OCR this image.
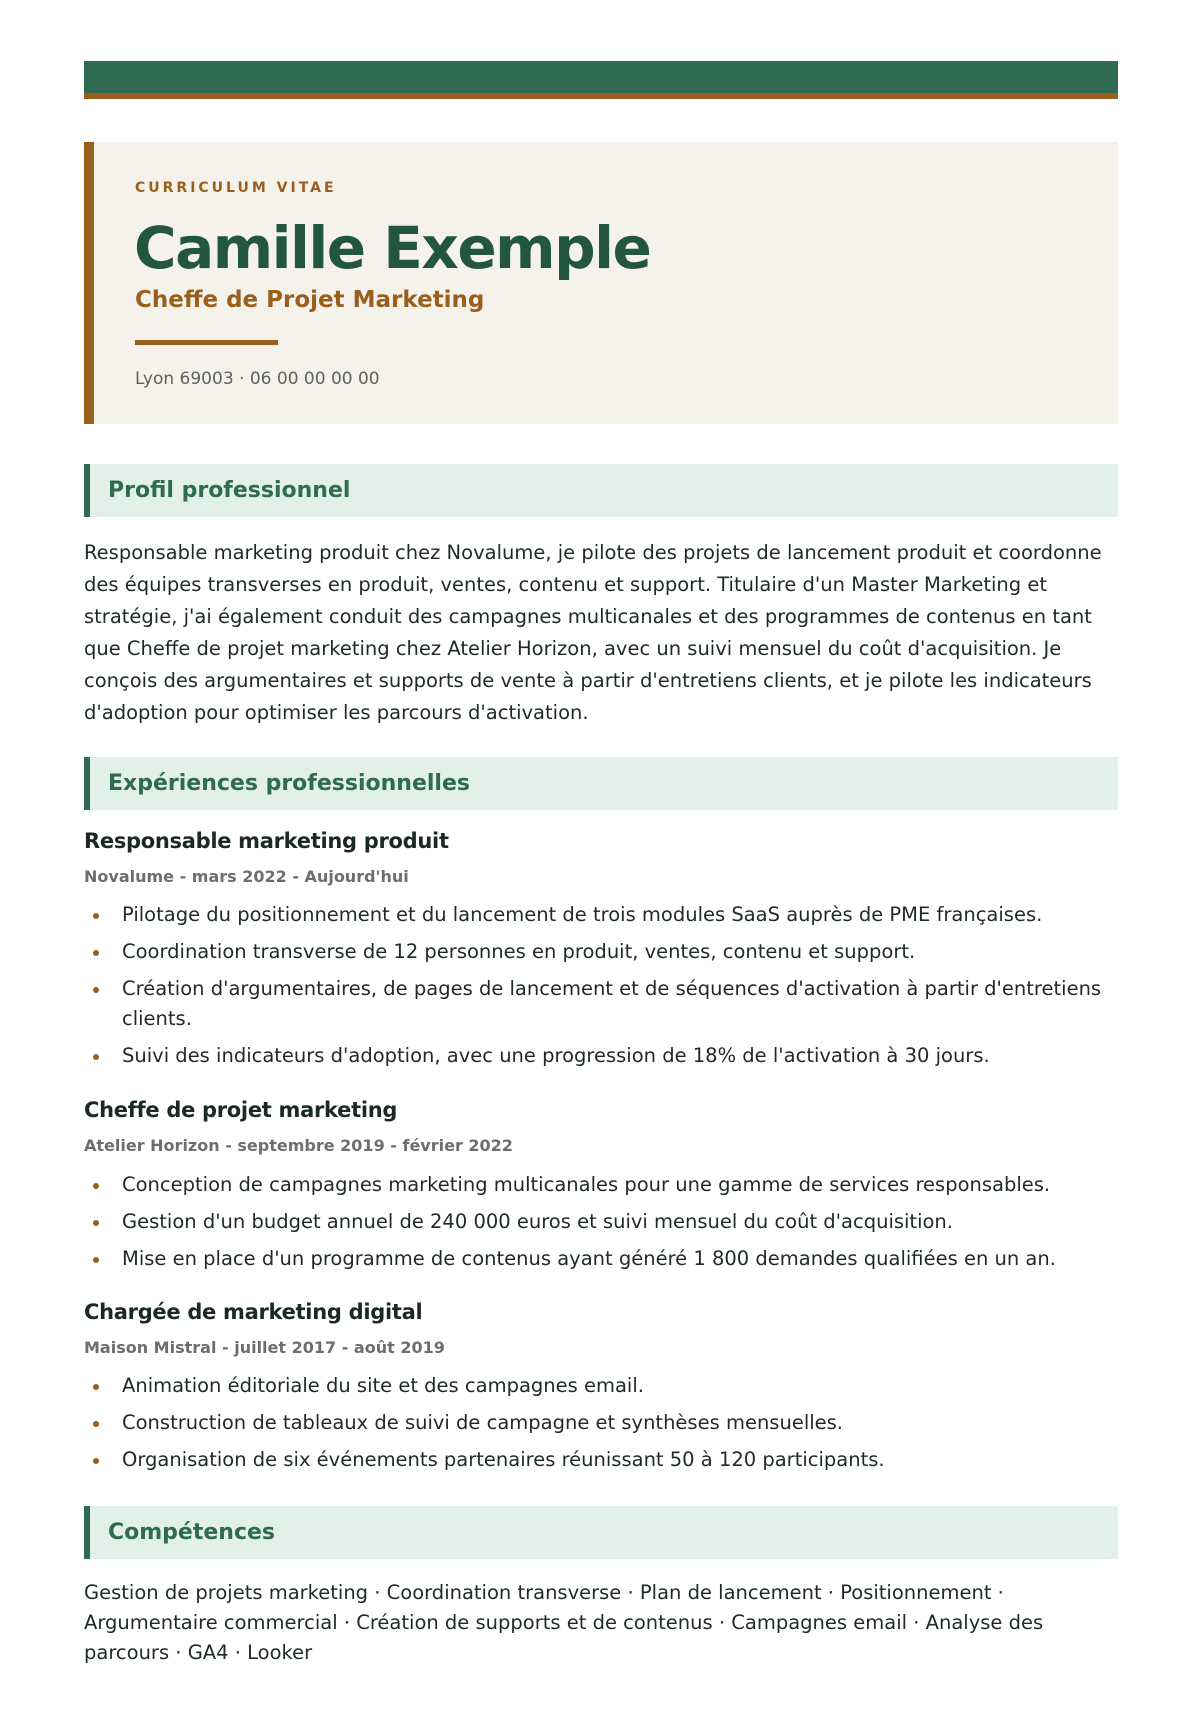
CURRICULUM VITAE
Camille Exemple
Cheffe de Projet Marketing
Lyon 69003 · 06 00 00 00 00
Profil professionnel

Responsable marketing produit chez Novalume, je pilote des projets de lancement produit et coordonne des équipes transverses en produit, ventes, contenu et support. Titulaire d'un Master Marketing et stratégie, j'ai également conduit des campagnes multicanales et des programmes de contenus en tant que Cheffe de projet marketing chez Atelier Horizon, avec un suivi mensuel du coût d'acquisition. Je conçois des argumentaires et supports de vente à partir d'entretiens clients, et je pilote les indicateurs d'adoption pour optimiser les parcours d'activation.

Expériences professionnelles
Responsable marketing produit
Novalume - mars 2022 - Aujourd'hui
Pilotage du positionnement et du lancement de trois modules SaaS auprès de PME françaises.
Coordination transverse de 12 personnes en produit, ventes, contenu et support.
Création d'argumentaires, de pages de lancement et de séquences d'activation à partir d'entretiens clients.
Suivi des indicateurs d'adoption, avec une progression de 18% de l'activation à 30 jours.
Cheffe de projet marketing
Atelier Horizon - septembre 2019 - février 2022
Conception de campagnes marketing multicanales pour une gamme de services responsables.
Gestion d'un budget annuel de 240 000 euros et suivi mensuel du coût d'acquisition.
Mise en place d'un programme de contenus ayant généré 1 800 demandes qualifiées en un an.
Chargée de marketing digital
Maison Mistral - juillet 2017 - août 2019
Animation éditoriale du site et des campagnes email.
Construction de tableaux de suivi de campagne et synthèses mensuelles.
Organisation de six événements partenaires réunissant 50 à 120 participants.
Compétences

Gestion de projets marketing · Coordination transverse · Plan de lancement · Positionnement · Argumentaire commercial · Création de supports et de contenus · Campagnes email · Analyse des parcours · GA4 · Looker
